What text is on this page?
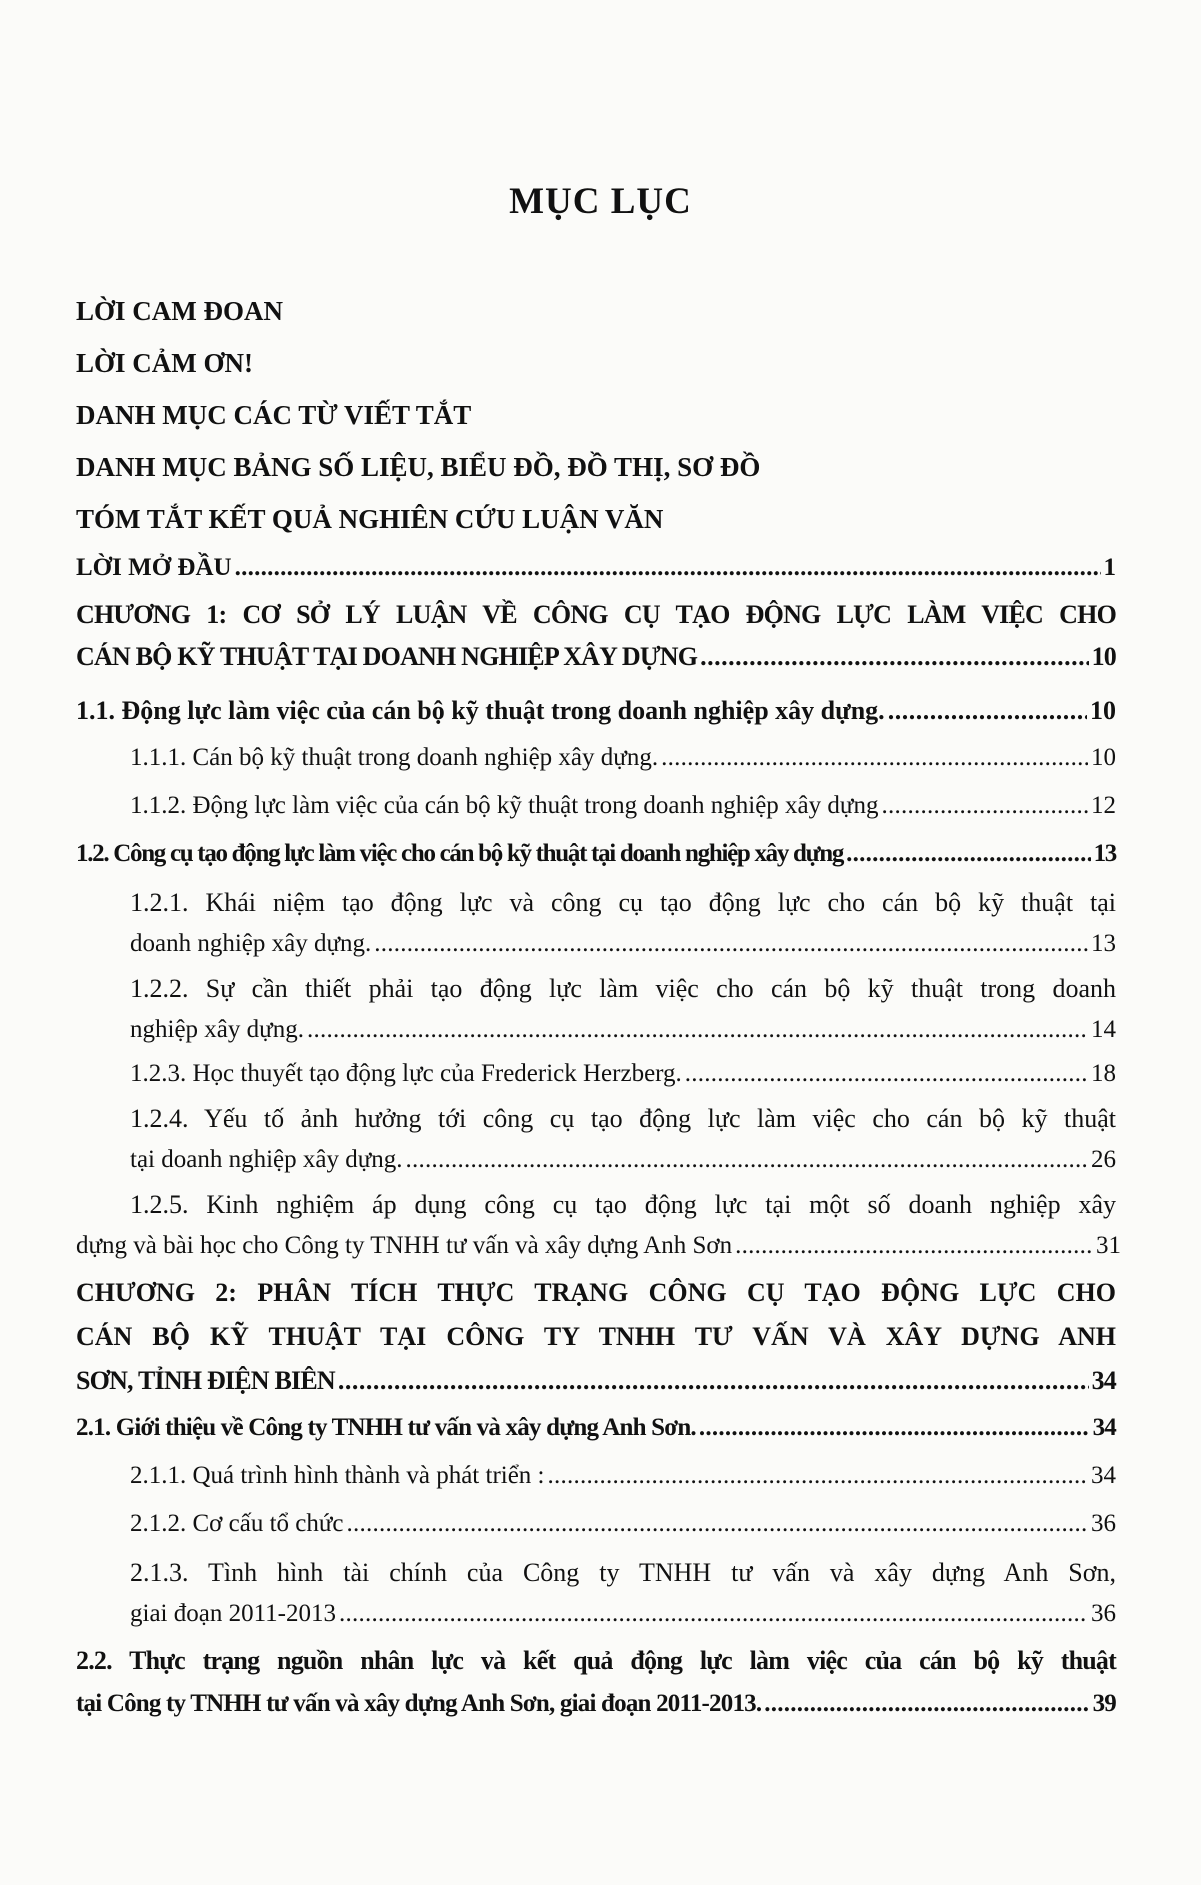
MỤC LỤC
LỜI CAM ĐOAN
LỜI CẢM ƠN!
DANH MỤC CÁC TỪ VIẾT TẮT
DANH MỤC BẢNG SỐ LIỆU, BIỂU ĐỒ, ĐỒ THỊ, SƠ ĐỒ
TÓM TẮT KẾT QUẢ NGHIÊN CỨU LUẬN VĂN
LỜI MỞ ĐẦU . . .	1
CHƯƠNG 1: CƠ SỞ LÝ LUẬN VỀ CÔNG CỤ TẠO ĐỘNG LỰC LÀM VIỆC CHO
CÁN BỘ KỸ THUẬT TẠI DOANH NGHIỆP XÂY DỰNG . . .	10
1.1. Động lực làm việc của cán bộ kỹ thuật trong doanh nghiệp xây dựng. . . .	10
1.1.1. Cán bộ kỹ thuật trong doanh nghiệp xây dựng. . . .	10
1.1.2. Động lực làm việc của cán bộ kỹ thuật trong doanh nghiệp xây dựng . . .	12
1.2. Công cụ tạo động lực làm việc cho cán bộ kỹ thuật tại doanh nghiệp xây dựng . . .	13
1.2.1. Khái niệm tạo động lực và công cụ tạo động lực cho cán bộ kỹ thuật tại
doanh nghiệp xây dựng. . . .	13
1.2.2. Sự cần thiết phải tạo động lực làm việc cho cán bộ kỹ thuật trong doanh
nghiệp xây dựng. . . .	14
1.2.3. Học thuyết tạo động lực của Frederick Herzberg. . . .	18
1.2.4. Yếu tố ảnh hưởng tới công cụ tạo động lực làm việc cho cán bộ kỹ thuật
tại doanh nghiệp xây dựng. . . .	26
1.2.5. Kinh nghiệm áp dụng công cụ tạo động lực tại một số doanh nghiệp xây
dựng và bài học cho Công ty TNHH tư vấn và xây dựng Anh Sơn . . .	31
CHƯƠNG 2: PHÂN TÍCH THỰC TRẠNG CÔNG CỤ TẠO ĐỘNG LỰC CHO
CÁN BỘ KỸ THUẬT TẠI CÔNG TY TNHH TƯ VẤN VÀ XÂY DỰNG ANH
SƠN, TỈNH ĐIỆN BIÊN . . .	34
2.1. Giới thiệu về Công ty TNHH tư vấn và xây dựng Anh Sơn. . . .	34
2.1.1. Quá trình hình thành và phát triển : . . .	34
2.1.2. Cơ cấu tổ chức . . .	36
2.1.3. Tình hình tài chính của Công ty TNHH tư vấn và xây dựng Anh Sơn,
giai đoạn 2011-2013 . . .	36
2.2. Thực trạng nguồn nhân lực và kết quả động lực làm việc của cán bộ kỹ thuật
tại Công ty TNHH tư vấn và xây dựng Anh Sơn, giai đoạn 2011-2013. . . .	39
